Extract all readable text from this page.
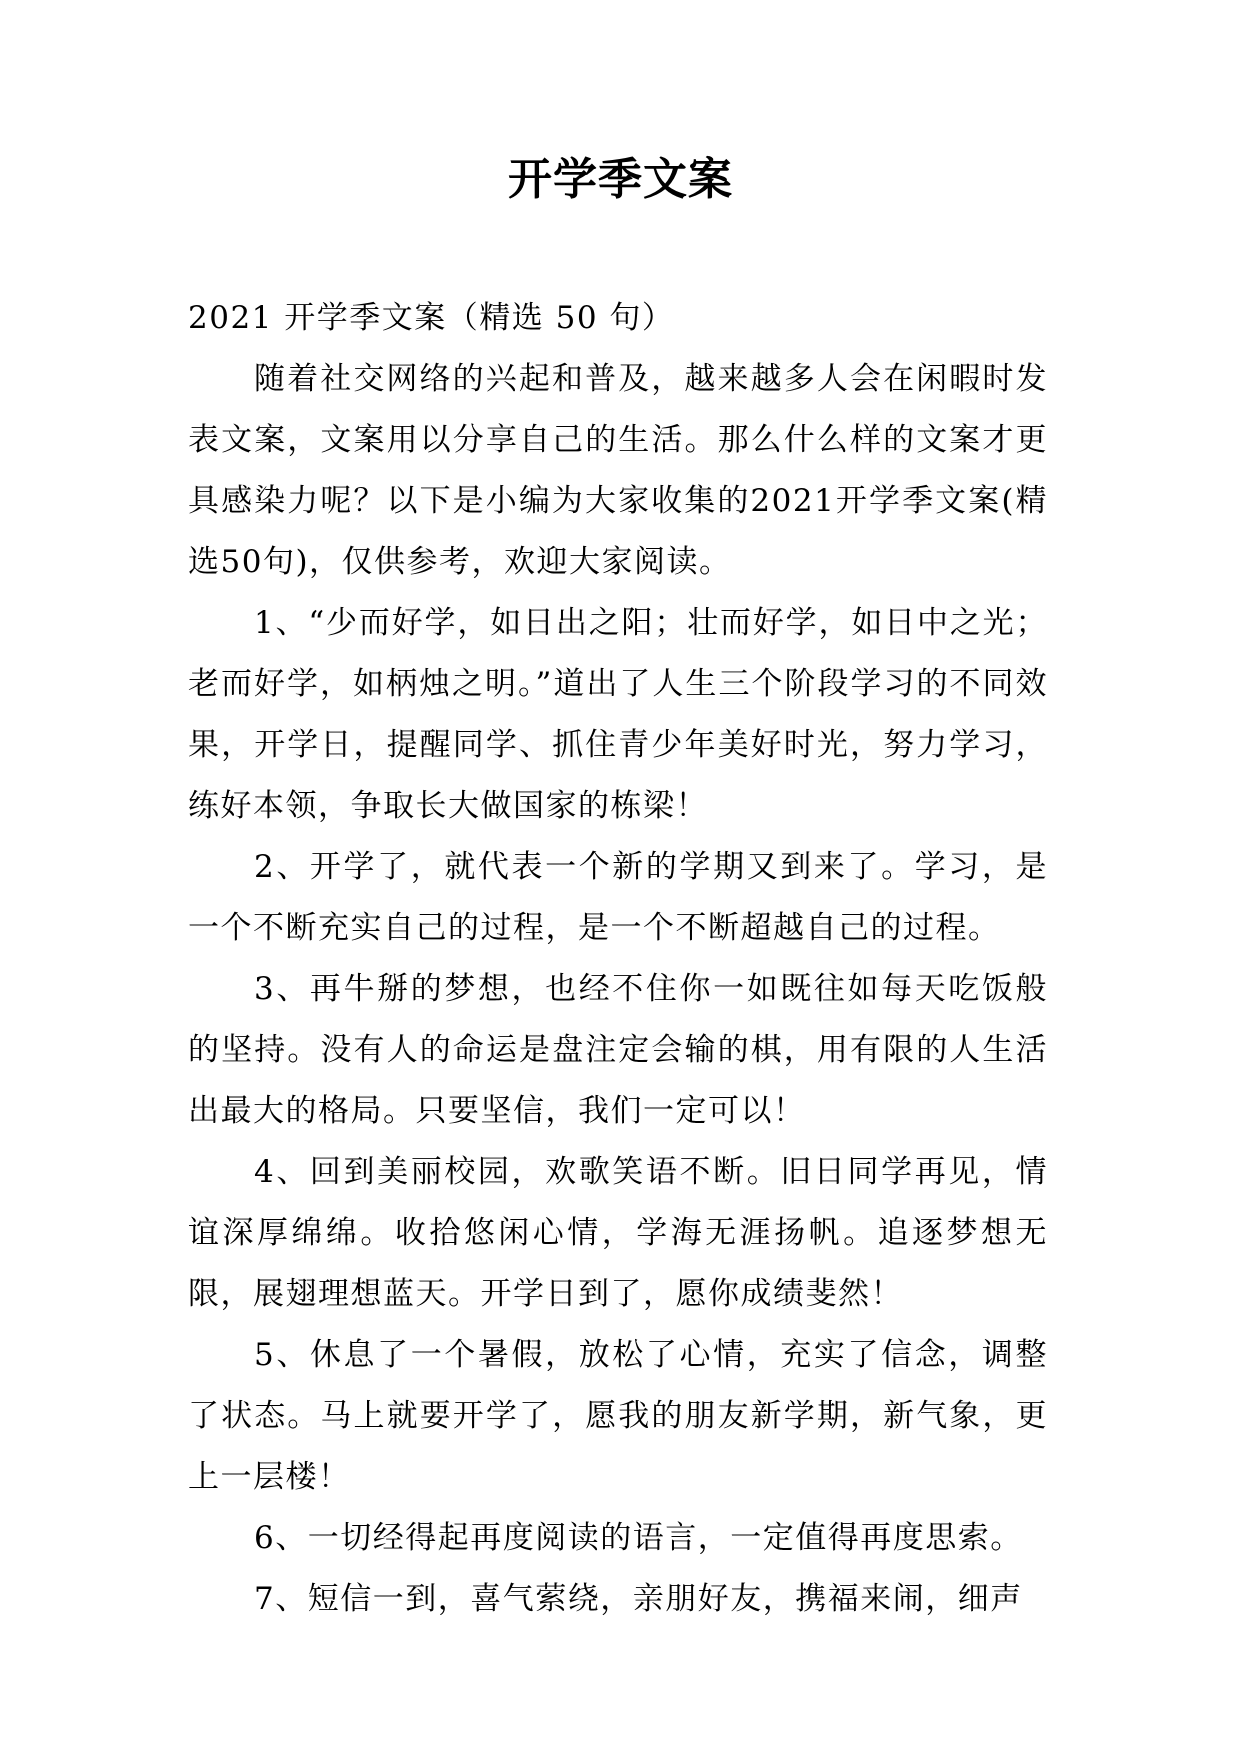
开学季文案

2021 开学季文案（精选 50 句）

随着社交网络的兴起和普及，越来越多人会在闲暇时发表文案，文案用以分享自己的生活。那么什么样的文案才更具感染力呢？以下是小编为大家收集的2021开学季文案(精选50句)，仅供参考，欢迎大家阅读。

1、“少而好学，如日出之阳；壮而好学，如日中之光；老而好学，如柄烛之明。”道出了人生三个阶段学习的不同效果，开学日，提醒同学、抓住青少年美好时光，努力学习，练好本领，争取长大做国家的栋梁！

2、开学了，就代表一个新的学期又到来了。学习，是一个不断充实自己的过程，是一个不断超越自己的过程。

3、再牛掰的梦想，也经不住你一如既往如每天吃饭般的坚持。没有人的命运是盘注定会输的棋，用有限的人生活出最大的格局。只要坚信，我们一定可以！

4、回到美丽校园，欢歌笑语不断。旧日同学再见，情谊深厚绵绵。收拾悠闲心情，学海无涯扬帆。追逐梦想无限，展翅理想蓝天。开学日到了，愿你成绩斐然！

5、休息了一个暑假，放松了心情，充实了信念，调整了状态。马上就要开学了，愿我的朋友新学期，新气象，更上一层楼！

6、一切经得起再度阅读的语言，一定值得再度思索。

7、短信一到，喜气萦绕，亲朋好友，携福来闹，细声
